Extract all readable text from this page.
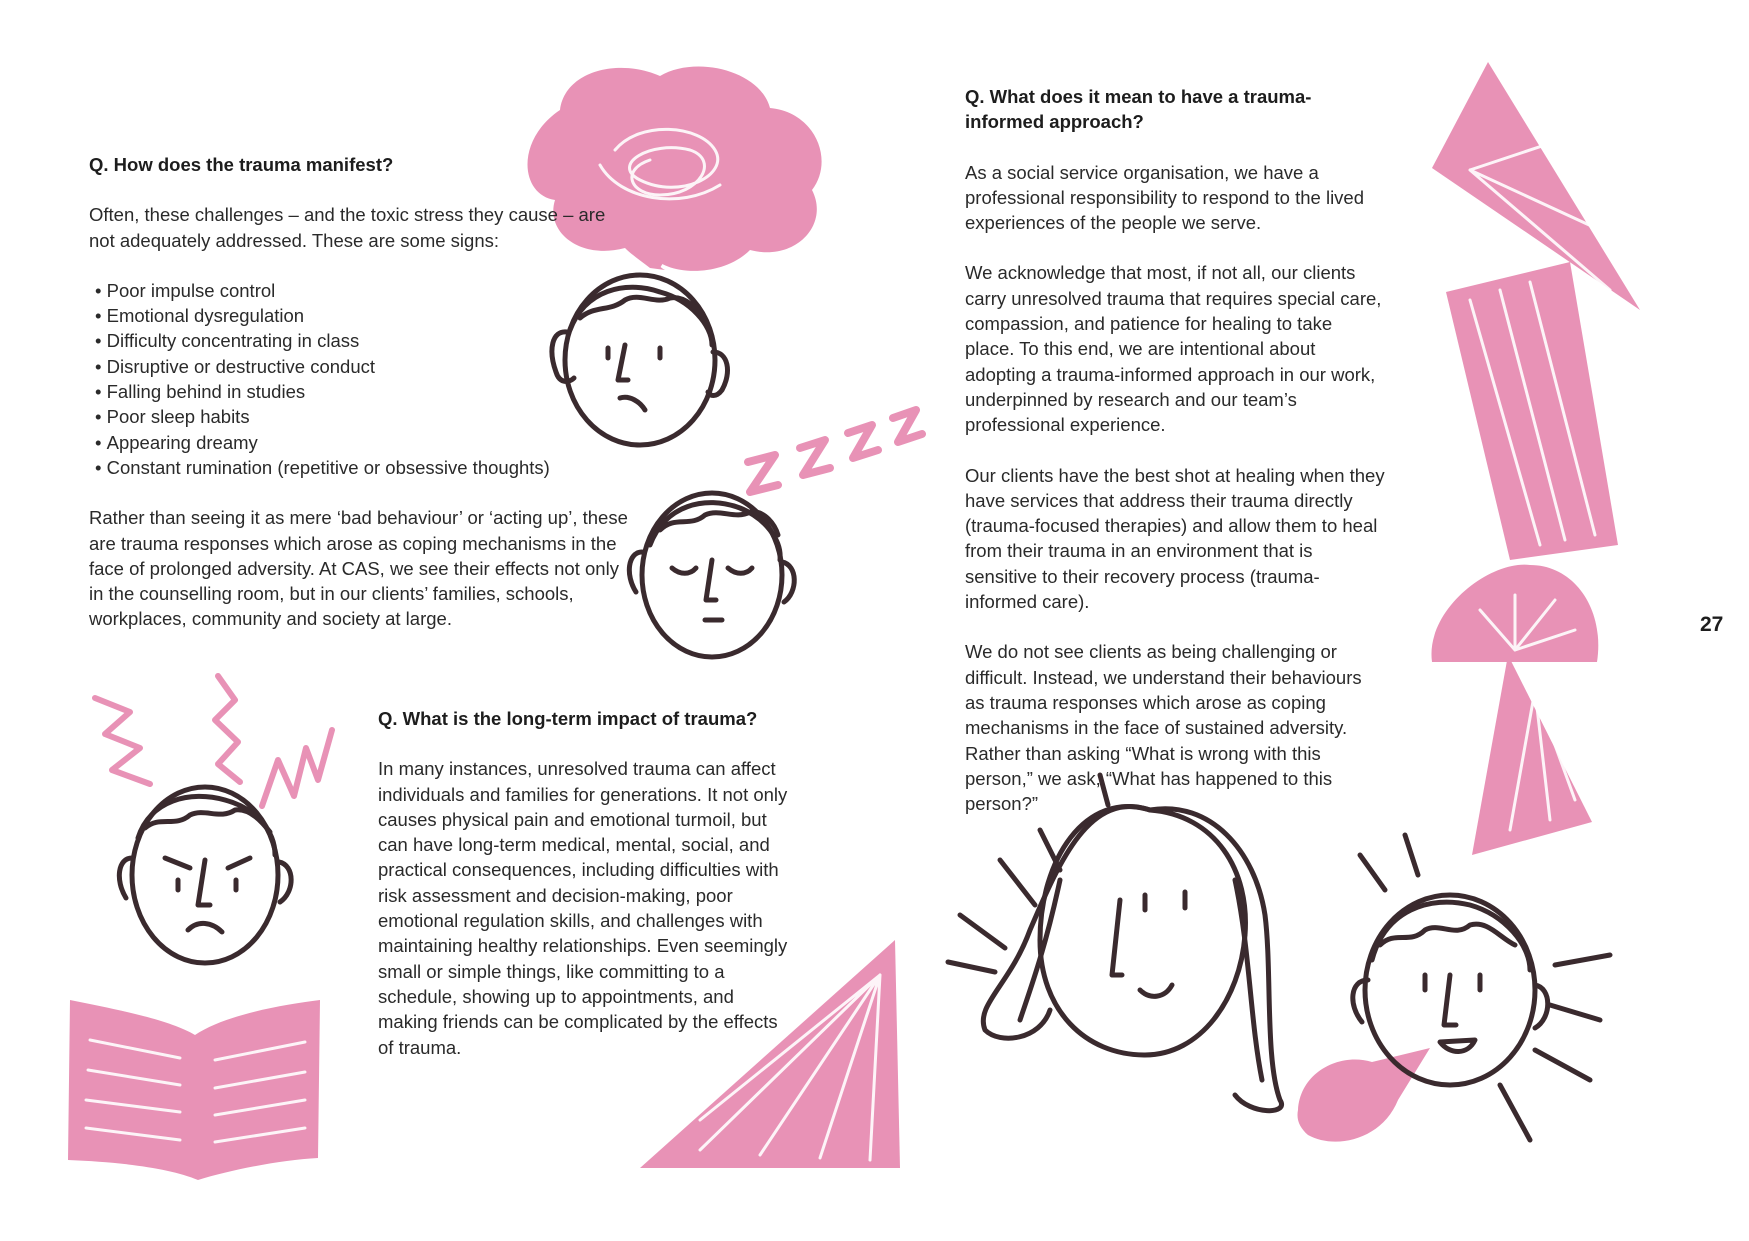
Q. How does the trauma manifest?

Often, these challenges – and the toxic stress they cause – are not adequately addressed. These are some signs:

• Poor impulse control
• Emotional dysregulation
• Difficulty concentrating in class
• Disruptive or destructive conduct
• Falling behind in studies
• Poor sleep habits
• Appearing dreamy
• Constant rumination (repetitive or obsessive thoughts)

Rather than seeing it as mere ‘bad behaviour’ or ‘acting up’, these are trauma responses which arose as coping mechanisms in the face of prolonged adversity. At CAS, we see their effects not only in the counselling room, but in our clients’ families, schools, workplaces, community and society at large.

Q. What is the long-term impact of trauma?

In many instances, unresolved trauma can affect individuals and families for generations. It not only causes physical pain and emotional turmoil, but can have long-term medical, mental, social, and practical consequences, including difficulties with risk assessment and decision-making, poor emotional regulation skills, and challenges with maintaining healthy relationships. Even seemingly small or simple things, like committing to a schedule, showing up to appointments, and making friends can be complicated by the effects of trauma.

Q. What does it mean to have a trauma-informed approach?

As a social service organisation, we have a professional responsibility to respond to the lived experiences of the people we serve.

We acknowledge that most, if not all, our clients carry unresolved trauma that requires special care, compassion, and patience for healing to take place. To this end, we are intentional about adopting a trauma-informed approach in our work, underpinned by research and our team’s professional experience.

Our clients have the best shot at healing when they have services that address their trauma directly (trauma-focused therapies) and allow them to heal from their trauma in an environment that is sensitive to their recovery process (trauma-informed care).

We do not see clients as being challenging or difficult. Instead, we understand their behaviours as trauma responses which arose as coping mechanisms in the face of sustained adversity. Rather than asking “What is wrong with this person,” we ask, “What has happened to this person?”

27
